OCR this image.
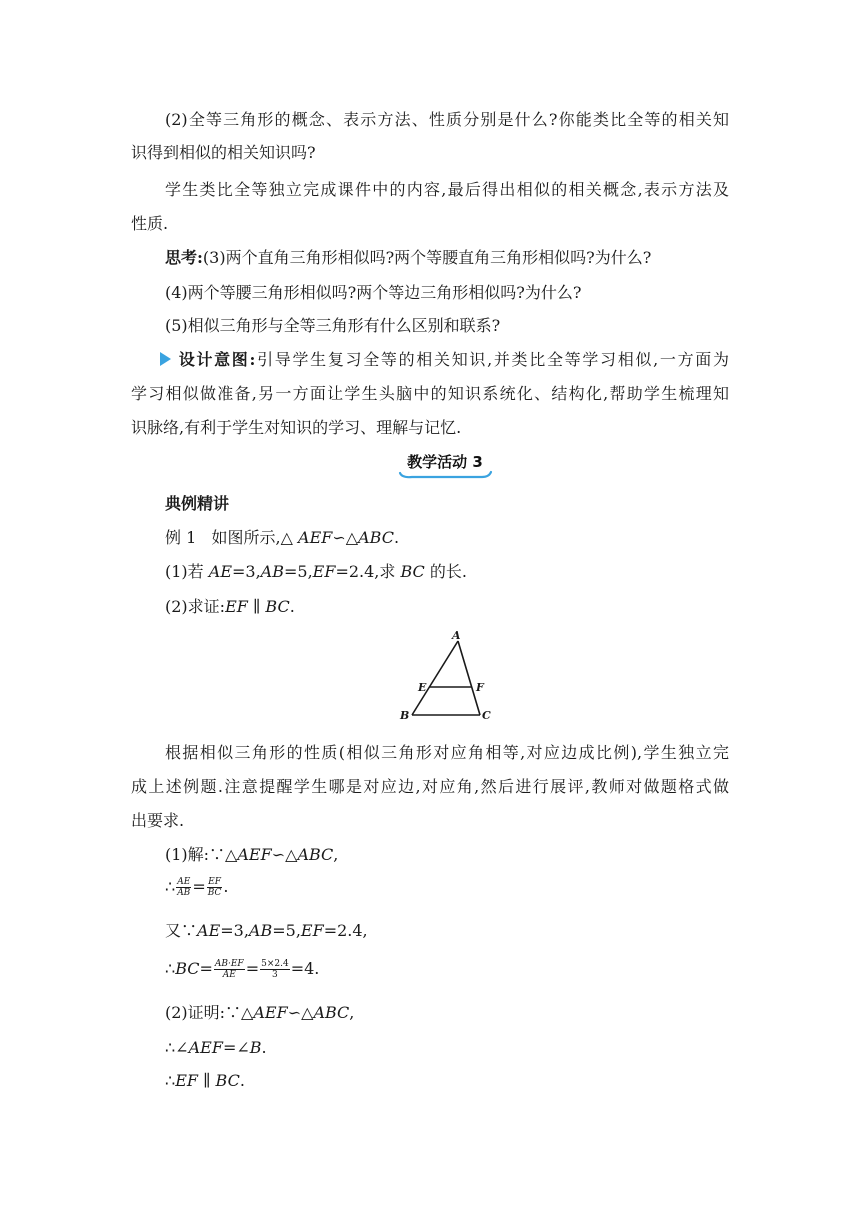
(2)全等三角形的概念、表示方法、性质分别是什么?你能类比全等的相关知
识得到相似的相关知识吗?
学生类比全等独立完成课件中的内容,最后得出相似的相关概念,表示方法及
性质.
思考:(3)两个直角三角形相似吗?两个等腰直角三角形相似吗?为什么?
(4)两个等腰三角形相似吗?两个等边三角形相似吗?为什么?
(5)相似三角形与全等三角形有什么区别和联系?
设计意图:引导学生复习全等的相关知识,并类比全等学习相似,一方面为
学习相似做准备,另一方面让学生头脑中的知识系统化、结构化,帮助学生梳理知
识脉络,有利于学生对知识的学习、理解与记忆.
教学活动 3
典例精讲
例 1 如图所示,△ AEF∽△ABC.
(1)若 AE=3,AB=5,EF=2.4,求 BC 的长.
(2)求证:EF ∥ BC.
A
E	F
B	C
根据相似三角形的性质(相似三角形对应角相等,对应边成比例),学生独立完
成上述例题.注意提醒学生哪是对应边,对应角,然后进行展评,教师对做题格式做
出要求.
(1)解:∵△AEF∽△ABC,
∴ $\frac{AE}{AB} = \frac{EF}{BC}$ .
又∵AE=3,AB=5,EF=2.4,
∴BC= $\frac{AB\cdot EF}{AE} = \frac{5\times 2.4}{3} =4$.
(2)证明:∵△AEF∽△ABC,
∴∠AEF=∠B.
∴EF ∥ BC.
